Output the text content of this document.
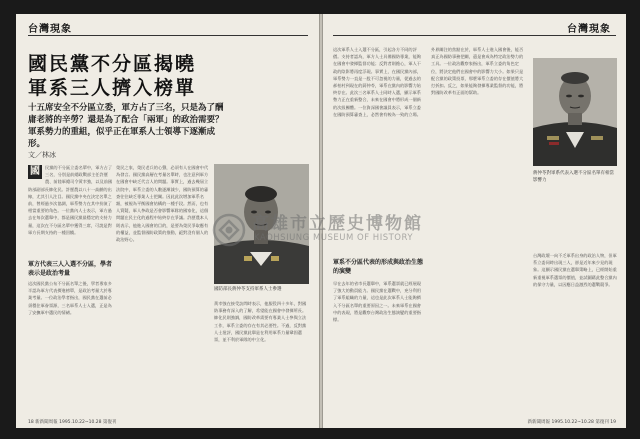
台灣現象
國民黨不分區揭曉
軍系三人擠入榜單
十五席安全不分區立委，軍方占了三名，只是為了酬庸老將的辛勞？還是為了配合「兩軍」的政治需要？軍系勢力的重組，似乎正在軍系人士領導下逐漸成形。
文／林冰
國	民黨的不分區立委名單中，軍方占了三名，分別是前總政戰部主任許歷農、前陸軍總司令黃幸強，以及前國防部副部長帥化民。許歷農以八十一高齡的出線，尤其引人注目。國民黨中央在決定名單之前，曾經過多次協調，軍系勢力在其中扮演了相當重要的角色。一位黨內人士表示，軍方過去在每次選舉中，都是國民黨最穩定的支持力量，這次在不分區名單中獲得三席，可說是對軍方長期支持的一種回饋。
軍方代表三人入選不分區，學者表示是政治考量
這次國民黨公布不分區名單之後，學者專家多半認為軍方代表擠進榜單，是政治考量大於專業考量。一位政治學者指出，國民黨在選前必須穩住軍眷票源，三名軍系人士入選，正是為了安撫軍中選民的情緒。
榮民之家，榮民老兵的心聲，必須有人在國會中代為發言。國民黨高層在考量名單時，也注意到軍方在國會中缺乏代言人的問題。事實上，過去幾屆立法院中，軍系立委的人數逐漸減少，國防預算的審查往往缺乏專業人士把關。因此此次增加軍系名額，被視為平衡國會結構的一種手段。然而，也有人質疑，軍人參政是否會影響軍隊的國家化，這個問題在民主化的過程中始終存在爭議。許歷農本人則表示，他進入國會的目的，是要為榮民爭取應有的權益，並監督國防政策的推動，絕對沒有個人的政治野心。
國防部長蔣仲苓支持軍系人士參選
黃幸強在接受訪問時表示，他服役四十多年，對國防事務有深入的了解，希望能在國會中發揮所長。帥化民則強調，國防改革需要有專業人士參與立法工作，軍系立委的存在有其必要性。不過，反對黨人士批評，國民黨此舉是在利用軍系力量鞏固選票，並不利於軍隊的中立化。
18 新新聞周報 1995.10.22~10.28 第復刊
台灣現象
這次軍系人士入選不分區，引起各方不同的評價。支持者認為，軍方人士具備國防專業，能夠在國會中發揮監督功能；反對者則擔心，軍人干政的陰影將再度浮現。事實上，在國民黨內部，軍系勢力一直是一股不可忽視的力量，從過去的郝柏村到現在的蔣仲苓，軍系在黨內的影響力始終存在。此次三名軍系人士同時入選，顯示軍系勢力正在重新整合，未來在國會中將形成一個新的次級團體。一位資深國會議員表示，軍系立委在國防預算審查上，必然會有較為一致的立場。
軍系不分區代表的形成與政治生態的演變
早在去年的省市長選舉中，軍系選票就已經展現了強大的動員能力。國民黨在選戰中，充分利用了軍系組織的力量，這也是此次軍系人士能夠擠入不分區名單的重要原因之一。未來軍系在國會中的表現，將是觀察台灣政治生態演變的重要指標。
外界關注的焦點在於，軍系人士進入國會後，能否真正為國防事務把關，還是會成為特定政治勢力的工具。一位政治觀察家指出，軍系立委的角色定位，將決定他們在國會中的影響力大小。如果只是配合黨的政策投票，那麼軍系立委的存在價值將大打折扣。反之，如果能夠發揮專業監督的功能，將對國防改革有正面的幫助。
蔣仲苓對軍系代表入選不分區名單有相當影響力
台灣政壇一向不乏軍系出身的政治人物，但軍系立委同時出現三人，卻是近年來少見的現象。這顯示國民黨在選舉策略上，已經開始重新重視軍系選票的價值，並試圖藉此整合黨內的保守力量，以因應日益激烈的選戰競爭。
新新聞周報 1995.10.22~10.28 第復刊 19
高雄市立歷史博物館
KAOHSIUNG MUSEUM OF HISTORY
